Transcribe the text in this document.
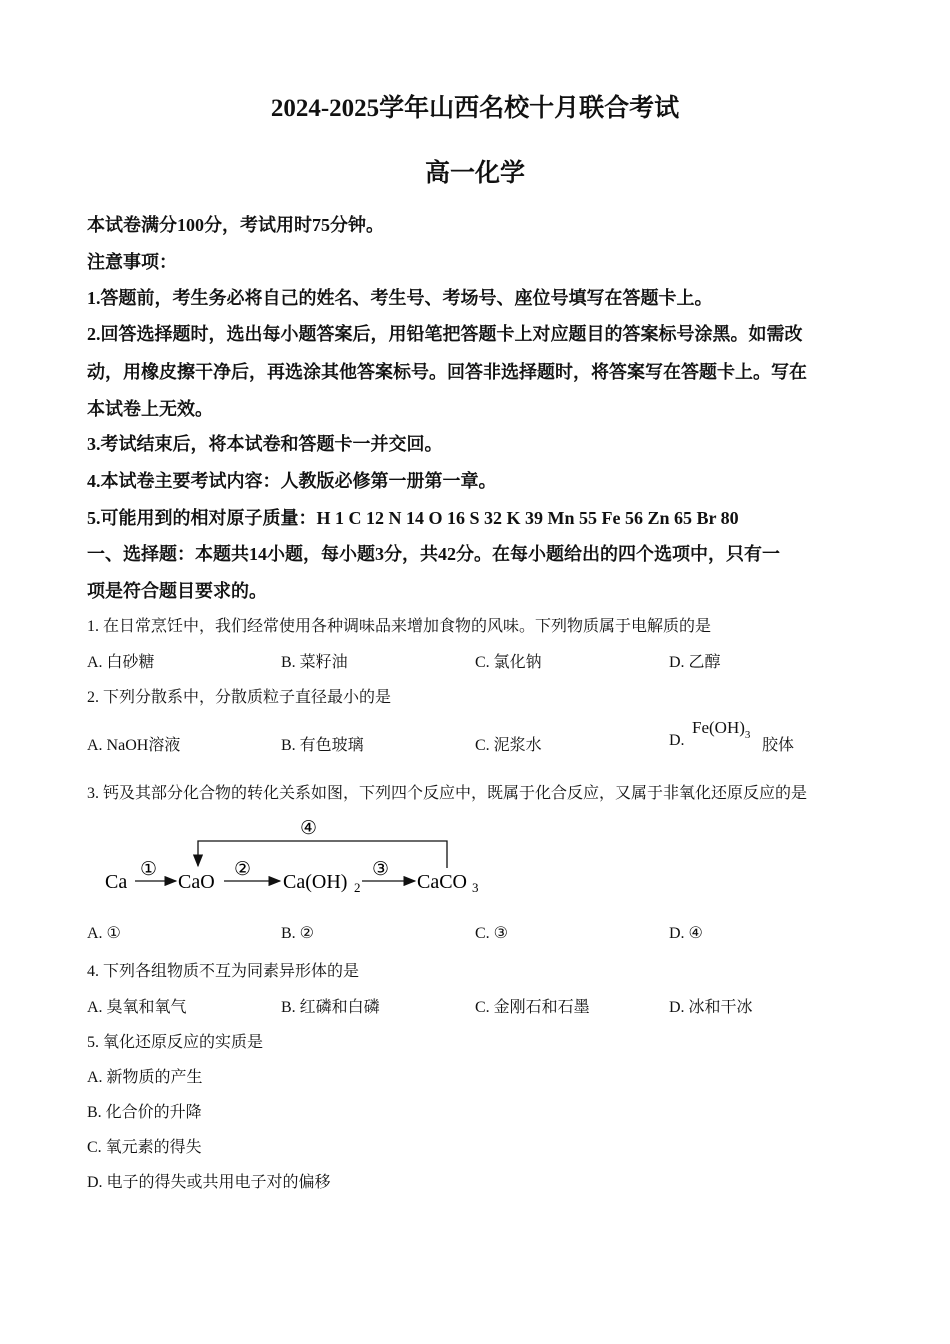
2024-2025学年山西名校十月联合考试
高一化学
本试卷满分100分，考试用时75分钟。
注意事项：
1.答题前，考生务必将自己的姓名、考生号、考场号、座位号填写在答题卡上。
2.回答选择题时，选出每小题答案后，用铅笔把答题卡上对应题目的答案标号涂黑。如需改
动，用橡皮擦干净后，再选涂其他答案标号。回答非选择题时，将答案写在答题卡上。写在
本试卷上无效。
3.考试结束后，将本试卷和答题卡一并交回。
4.本试卷主要考试内容：人教版必修第一册第一章。
5.可能用到的相对原子质量：H 1 C 12 N 14 O 16 S 32 K 39 Mn 55 Fe 56 Zn 65 Br 80
一、选择题：本题共14小题，每小题3分，共42分。在每小题给出的四个选项中，只有一
项是符合题目要求的。
1. 在日常烹饪中，我们经常使用各种调味品来增加食物的风味。下列物质属于电解质的是
A. 白砂糖	B. 菜籽油	C. 氯化钠	D. 乙醇
2. 下列分散系中，分散质粒子直径最小的是
A. NaOH溶液	B. 有色玻璃	C. 泥浆水	D.
$Fe(OH)_3$
胶体
3. 钙及其部分化合物的转化关系如图，下列四个反应中，既属于化合反应，又属于非氧化还原反应的是
Ca	CaO	Ca(OH) 2	CaCO 3
①	②	③
④
A. ①	B. ②	C. ③	D. ④
4. 下列各组物质不互为同素异形体的是
A. 臭氧和氧气	B. 红磷和白磷	C. 金刚石和石墨	D. 冰和干冰
5. 氧化还原反应的实质是
A. 新物质的产生
B. 化合价的升降
C. 氧元素的得失
D. 电子的得失或共用电子对的偏移
